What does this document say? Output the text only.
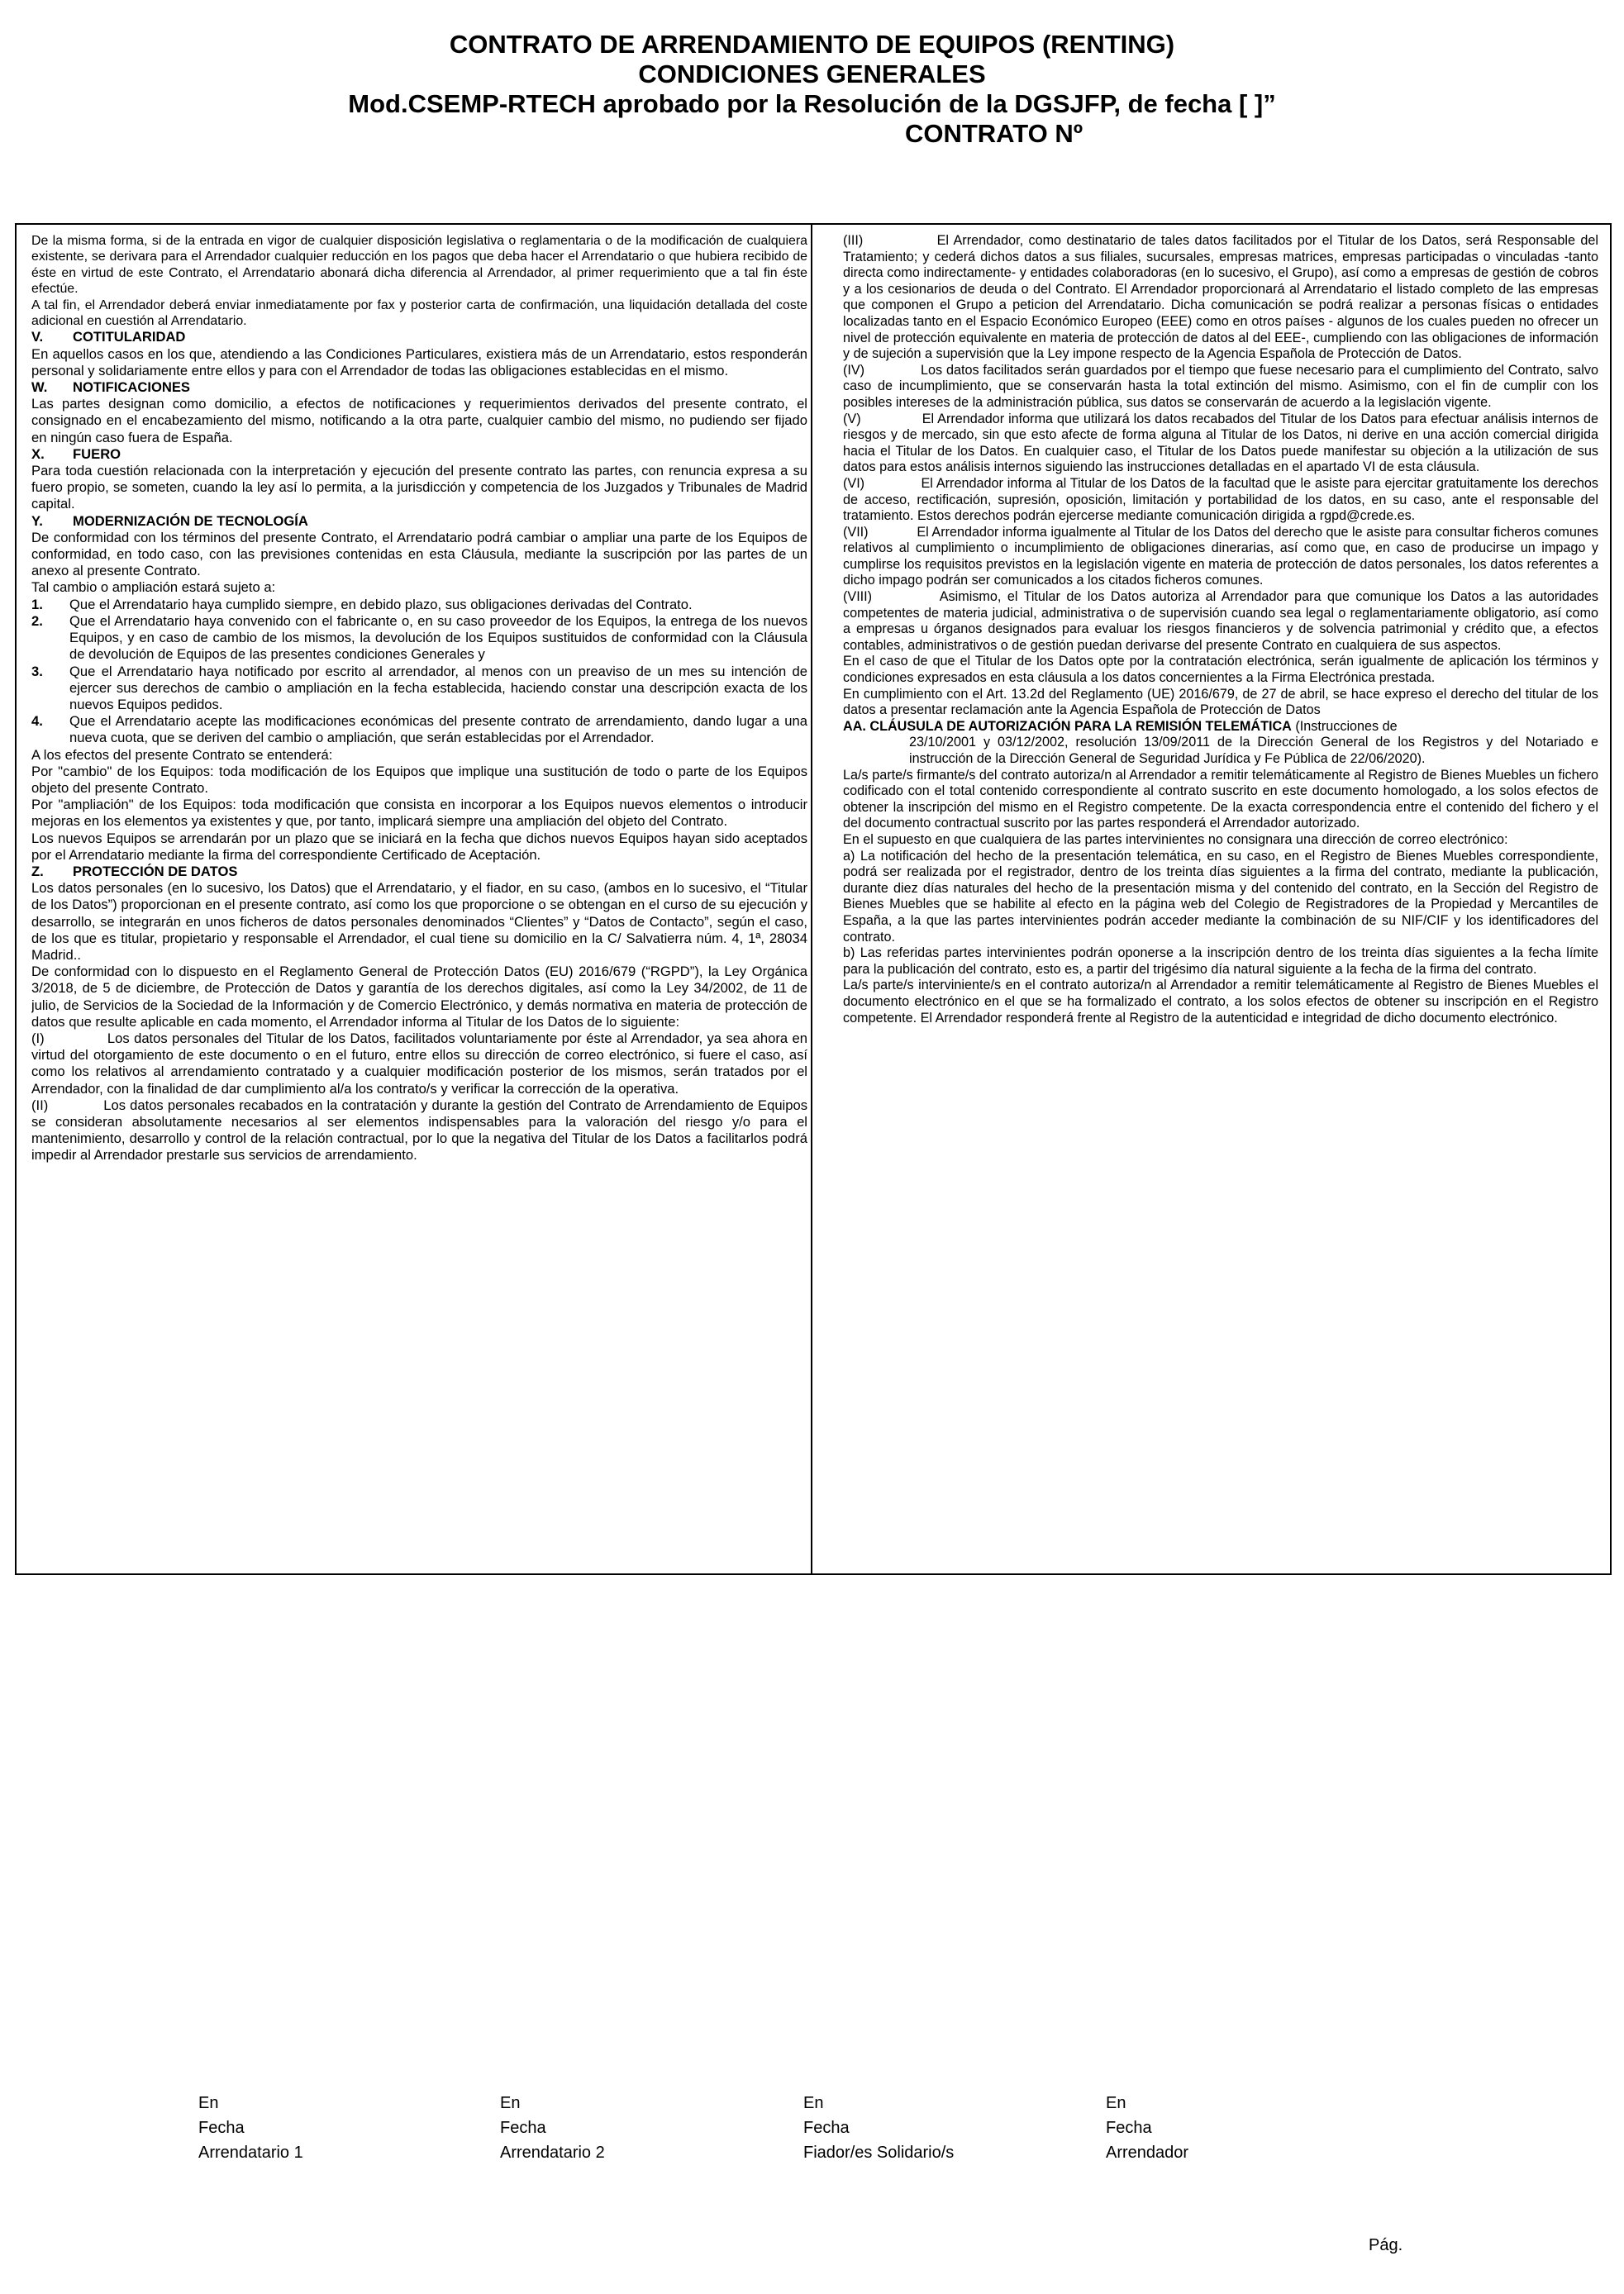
CONTRATO DE ARRENDAMIENTO DE EQUIPOS (RENTING)
CONDICIONES GENERALES
Mod.CSEMP-RTECH aprobado por la Resolución de la DGSJFP, de fecha [ ]”
CONTRATO Nº

De la misma forma, si de la entrada en vigor de cualquier disposición legislativa o reglamentaria o de la modificación de cualquiera existente, se derivara para el Arrendador cualquier reducción en los pagos que deba hacer el Arrendatario o que hubiera recibido de éste en virtud de este Contrato, el Arrendatario abonará dicha diferencia al Arrendador, al primer requerimiento que a tal fin éste efectúe.

A tal fin, el Arrendador deberá enviar inmediatamente por fax y posterior carta de confirmación, una liquidación detallada del coste adicional en cuestión al Arrendatario.

V. COTITULARIDAD

En aquellos casos en los que, atendiendo a las Condiciones Particulares, existiera más de un Arrendatario, estos responderán personal y solidariamente entre ellos y para con el Arrendador de todas las obligaciones establecidas en el mismo.

W. NOTIFICACIONES

Las partes designan como domicilio, a efectos de notificaciones y requerimientos derivados del presente contrato, el consignado en el encabezamiento del mismo, notificando a la otra parte, cualquier cambio del mismo, no pudiendo ser fijado en ningún caso fuera de España.

X. FUERO

Para toda cuestión relacionada con la interpretación y ejecución del presente contrato las partes, con renuncia expresa a su fuero propio, se someten, cuando la ley así lo permita, a la jurisdicción y competencia de los Juzgados y Tribunales de Madrid capital.

Y. MODERNIZACIÓN DE TECNOLOGÍA

De conformidad con los términos del presente Contrato, el Arrendatario podrá cambiar o ampliar una parte de los Equipos de conformidad, en todo caso, con las previsiones contenidas en esta Cláusula, mediante la suscripción por las partes de un anexo al presente Contrato.

Tal cambio o ampliación estará sujeto a:

1.	Que el Arrendatario haya cumplido siempre, en debido plazo, sus obligaciones derivadas del Contrato.
2.	Que el Arrendatario haya convenido con el fabricante o, en su caso proveedor de los Equipos, la entrega de los nuevos Equipos, y en caso de cambio de los mismos, la devolución de los Equipos sustituidos de conformidad con la Cláusula de devolución de Equipos de las presentes condiciones Generales y
3.	Que el Arrendatario haya notificado por escrito al arrendador, al menos con un preaviso de un mes su intención de ejercer sus derechos de cambio o ampliación en la fecha establecida, haciendo constar una descripción exacta de los nuevos Equipos pedidos.
4.	Que el Arrendatario acepte las modificaciones económicas del presente contrato de arrendamiento, dando lugar a una nueva cuota, que se deriven del cambio o ampliación, que serán establecidas por el Arrendador.

A los efectos del presente Contrato se entenderá:

Por "cambio" de los Equipos: toda modificación de los Equipos que implique una sustitución de todo o parte de los Equipos objeto del presente Contrato.

Por "ampliación" de los Equipos: toda modificación que consista en incorporar a los Equipos nuevos elementos o introducir mejoras en los elementos ya existentes y que, por tanto, implicará siempre una ampliación del objeto del Contrato.

Los nuevos Equipos se arrendarán por un plazo que se iniciará en la fecha que dichos nuevos Equipos hayan sido aceptados por el Arrendatario mediante la firma del correspondiente Certificado de Aceptación.

Z. PROTECCIÓN DE DATOS

Los datos personales (en lo sucesivo, los Datos) que el Arrendatario, y el fiador, en su caso, (ambos en lo sucesivo, el “Titular de los Datos”) proporcionan en el presente contrato, así como los que proporcione o se obtengan en el curso de su ejecución y desarrollo, se integrarán en unos ficheros de datos personales denominados “Clientes” y “Datos de Contacto”, según el caso, de los que es titular, propietario y responsable el Arrendador, el cual tiene su domicilio en la C/ Salvatierra núm. 4, 1ª, 28034 Madrid..

De conformidad con lo dispuesto en el Reglamento General de Protección Datos (EU) 2016/679 (“RGPD”), la Ley Orgánica 3/2018, de 5 de diciembre, de Protección de Datos y garantía de los derechos digitales, así como la Ley 34/2002, de 11 de julio, de Servicios de la Sociedad de la Información y de Comercio Electrónico, y demás normativa en materia de protección de datos que resulte aplicable en cada momento, el Arrendador informa al Titular de los Datos de lo siguiente:

(I)	Los datos personales del Titular de los Datos, facilitados voluntariamente por éste al Arrendador, ya sea ahora en virtud del otorgamiento de este documento o en el futuro, entre ellos su dirección de correo electrónico, si fuere el caso, así como los relativos al arrendamiento contratado y a cualquier modificación posterior de los mismos, serán tratados por el Arrendador, con la finalidad de dar cumplimiento al/a los contrato/s y verificar la corrección de la operativa.

(II)	Los datos personales recabados en la contratación y durante la gestión del Contrato de Arrendamiento de Equipos se consideran absolutamente necesarios al ser elementos indispensables para la valoración del riesgo y/o para el mantenimiento, desarrollo y control de la relación contractual, por lo que la negativa del Titular de los Datos a facilitarlos podrá impedir al Arrendador prestarle sus servicios de arrendamiento.

(III)	El Arrendador, como destinatario de tales datos facilitados por el Titular de los Datos, será Responsable del Tratamiento; y cederá dichos datos a sus filiales, sucursales, empresas matrices, empresas participadas o vinculadas -tanto directa como indirectamente- y entidades colaboradoras (en lo sucesivo, el Grupo), así como a empresas de gestión de cobros y a los cesionarios de deuda o del Contrato. El Arrendador proporcionará al Arrendatario el listado completo de las empresas que componen el Grupo a peticion del Arrendatario. Dicha comunicación se podrá realizar a personas físicas o entidades localizadas tanto en el Espacio Económico Europeo (EEE) como en otros países - algunos de los cuales pueden no ofrecer un nivel de protección equivalente en materia de protección de datos al del EEE-, cumpliendo con las obligaciones de información y de sujeción a supervisión que la Ley impone respecto de la Agencia Española de Protección de Datos.

(IV)	Los datos facilitados serán guardados por el tiempo que fuese necesario para el cumplimiento del Contrato, salvo caso de incumplimiento, que se conservarán hasta la total extinción del mismo. Asimismo, con el fin de cumplir con los posibles intereses de la administración pública, sus datos se conservarán de acuerdo a la legislación vigente.

(V)	El Arrendador informa que utilizará los datos recabados del Titular de los Datos para efectuar análisis internos de riesgos y de mercado, sin que esto afecte de forma alguna al Titular de los Datos, ni derive en una acción comercial dirigida hacia el Titular de los Datos. En cualquier caso, el Titular de los Datos puede manifestar su objeción a la utilización de sus datos para estos análisis internos siguiendo las instrucciones detalladas en el apartado VI de esta cláusula.

(VI)	El Arrendador informa al Titular de los Datos de la facultad que le asiste para ejercitar gratuitamente los derechos de acceso, rectificación, supresión, oposición, limitación y portabilidad de los datos, en su caso, ante el responsable del tratamiento. Estos derechos podrán ejercerse mediante comunicación dirigida a rgpd@crede.es.

(VII)	El Arrendador informa igualmente al Titular de los Datos del derecho que le asiste para consultar ficheros comunes relativos al cumplimiento o incumplimiento de obligaciones dinerarias, así como que, en caso de producirse un impago y cumplirse los requisitos previstos en la legislación vigente en materia de protección de datos personales, los datos referentes a dicho impago podrán ser comunicados a los citados ficheros comunes.

(VIII)	Asimismo, el Titular de los Datos autoriza al Arrendador para que comunique los Datos a las autoridades competentes de materia judicial, administrativa o de supervisión cuando sea legal o reglamentariamente obligatorio, así como a empresas u órganos designados para evaluar los riesgos financieros y de solvencia patrimonial y crédito que, a efectos contables, administrativos o de gestión puedan derivarse del presente Contrato en cualquiera de sus aspectos.

En el caso de que el Titular de los Datos opte por la contratación electrónica, serán igualmente de aplicación los términos y condiciones expresados en esta cláusula a los datos concernientes a la Firma Electrónica prestada.

En cumplimiento con el Art. 13.2d del Reglamento (UE) 2016/679, de 27 de abril, se hace expreso el derecho del titular de los datos a presentar reclamación ante la Agencia Española de Protección de Datos

AA. CLÁUSULA DE AUTORIZACIÓN PARA LA REMISIÓN TELEMÁTICA (Instrucciones de

23/10/2001 y 03/12/2002, resolución 13/09/2011 de la Dirección General de los Registros y del Notariado e instrucción de la Dirección General de Seguridad Jurídica y Fe Pública de 22/06/2020).

La/s parte/s firmante/s del contrato autoriza/n al Arrendador a remitir telemáticamente al Registro de Bienes Muebles un fichero codificado con el total contenido correspondiente al contrato suscrito en este documento homologado, a los solos efectos de obtener la inscripción del mismo en el Registro competente. De la exacta correspondencia entre el contenido del fichero y el del documento contractual suscrito por las partes responderá el Arrendador autorizado.

En el supuesto en que cualquiera de las partes intervinientes no consignara una dirección de correo electrónico:

a) La notificación del hecho de la presentación telemática, en su caso, en el Registro de Bienes Muebles correspondiente, podrá ser realizada por el registrador, dentro de los treinta días siguientes a la firma del contrato, mediante la publicación, durante diez días naturales del hecho de la presentación misma y del contenido del contrato, en la Sección del Registro de Bienes Muebles que se habilite al efecto en la página web del Colegio de Registradores de la Propiedad y Mercantiles de España, a la que las partes intervinientes podrán acceder mediante la combinación de su NIF/CIF y los identificadores del contrato.

b) Las referidas partes intervinientes podrán oponerse a la inscripción dentro de los treinta días siguientes a la fecha límite para la publicación del contrato, esto es, a partir del trigésimo día natural siguiente a la fecha de la firma del contrato.

La/s parte/s interviniente/s en el contrato autoriza/n al Arrendador a remitir telemáticamente al Registro de Bienes Muebles el documento electrónico en el que se ha formalizado el contrato, a los solos efectos de obtener su inscripción en el Registro competente. El Arrendador responderá frente al Registro de la autenticidad e integridad de dicho documento electrónico.

En
Fecha
Arrendatario 1
En
Fecha
Arrendatario 2
En
Fecha
Fiador/es Solidario/s
En
Fecha
Arrendador
Pág.
